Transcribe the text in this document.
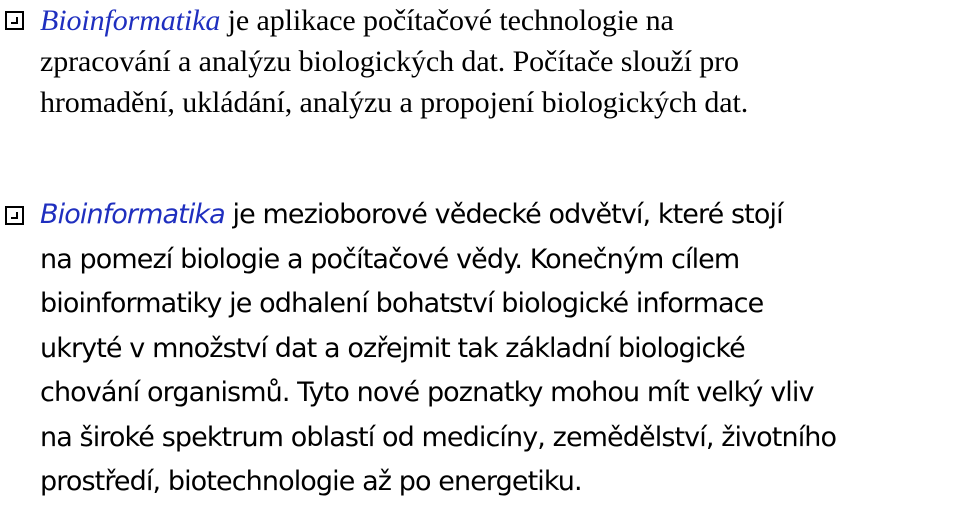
Bioinformatika je aplikace počítačové technologie na
zpracování a analýzu biologických dat. Počítače slouží pro
hromadění, ukládání, analýzu a propojení biologických dat.
Bioinformatika je mezioborové vědecké odvětví, které stojí
na pomezí biologie a počítačové vědy. Konečným cílem
bioinformatiky je odhalení bohatství biologické informace
ukryté v množství dat a ozřejmit tak základní biologické
chování organismů. Tyto nové poznatky mohou mít velký vliv
na široké spektrum oblastí od medicíny, zemědělství, životního
prostředí, biotechnologie až po energetiku.
